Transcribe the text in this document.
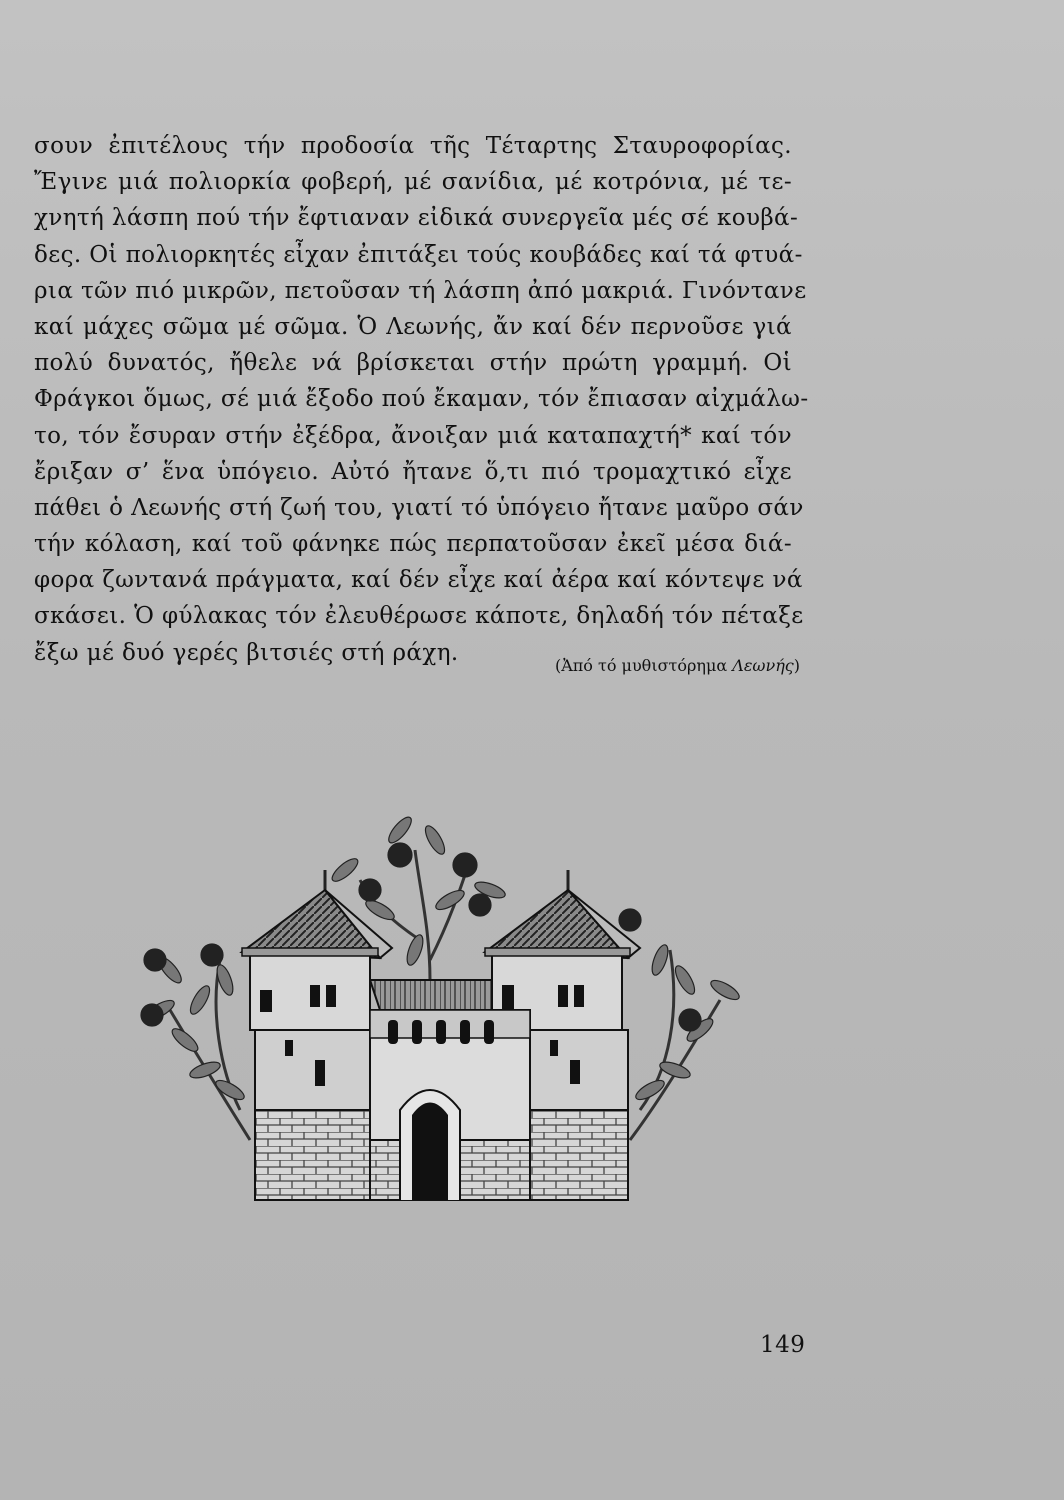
σουν ἐπιτέλους τήν προδοσία τῆς Τέταρτης Σταυροφορίας.
Ἔγινε μιά πολιορκία φοβερή, μέ σανίδια, μέ κοτρόνια, μέ τε-
χνητή λάσπη πού τήν ἔφτιαναν εἰδικά συνεργεῖα μές σέ κουβά-
δες. Οἱ πολιορκητές εἶχαν ἐπιτάξει τούς κουβάδες καί τά φτυά-
ρια τῶν πιό μικρῶν, πετοῦσαν τή λάσπη ἀπό μακριά. Γινόντανε
καί μάχες σῶμα μέ σῶμα. Ὁ Λεωνής, ἄν καί δέν περνοῦσε γιά
πολύ δυνατός, ἤθελε νά βρίσκεται στήν πρώτη γραμμή. Οἱ
Φράγκοι ὅμως, σέ μιά ἔξοδο πού ἔκαμαν, τόν ἔπιασαν αἰχμάλω-
το, τόν ἔσυραν στήν ἐξέδρα, ἄνοιξαν μιά καταπαχτή* καί τόν
ἔριξαν σ’ ἕνα ὑπόγειο. Αὐτό ἤτανε ὅ,τι πιό τρομαχτικό εἶχε
πάθει ὁ Λεωνής στή ζωή του, γιατί τό ὑπόγειο ἤτανε μαῦρο σάν
τήν κόλαση, καί τοῦ φάνηκε πώς περπατοῦσαν ἐκεῖ μέσα διά-
φορα ζωντανά πράγματα, καί δέν εἶχε καί ἀέρα καί κόντεψε νά
σκάσει. Ὁ φύλακας τόν ἐλευθέρωσε κάποτε, δηλαδή τόν πέταξε
ἔξω μέ δυό γερές βιτσιές στή ράχη.	(Ἀπό τό μυθιστόρημα Λεωνής)
149
